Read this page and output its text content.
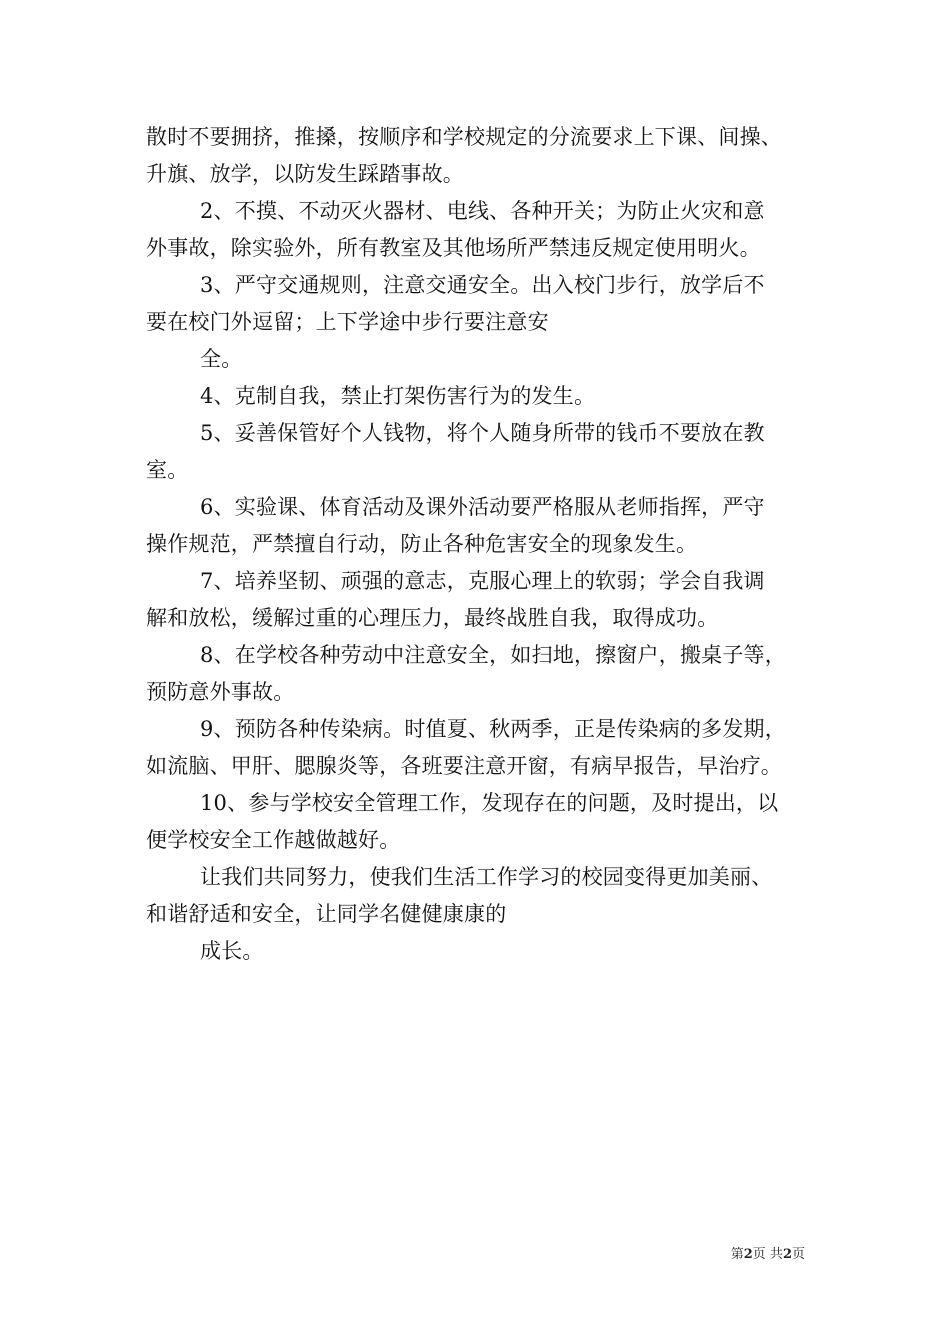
散时不要拥挤，推搡，按顺序和学校规定的分流要求上下课、间操、
升旗、放学，以防发生踩踏事故。
2、不摸、不动灭火器材、电线、各种开关；为防止火灾和意
外事故，除实验外，所有教室及其他场所严禁违反规定使用明火。
3、严守交通规则，注意交通安全。出入校门步行，放学后不
要在校门外逗留；上下学途中步行要注意安
全。
4、克制自我，禁止打架伤害行为的发生。
5、妥善保管好个人钱物，将个人随身所带的钱币不要放在教
室。
6、实验课、体育活动及课外活动要严格服从老师指挥，严守
操作规范，严禁擅自行动，防止各种危害安全的现象发生。
7、培养坚韧、顽强的意志，克服心理上的软弱；学会自我调
解和放松，缓解过重的心理压力，最终战胜自我，取得成功。
8、在学校各种劳动中注意安全，如扫地，擦窗户，搬桌子等，
预防意外事故。
9、预防各种传染病。时值夏、秋两季，正是传染病的多发期，
如流脑、甲肝、腮腺炎等，各班要注意开窗，有病早报告，早治疗。
10、参与学校安全管理工作，发现存在的问题，及时提出，以
便学校安全工作越做越好。
让我们共同努力，使我们生活工作学习的校园变得更加美丽、
和谐舒适和安全，让同学名健健康康的
成长。
第2页 共2页
